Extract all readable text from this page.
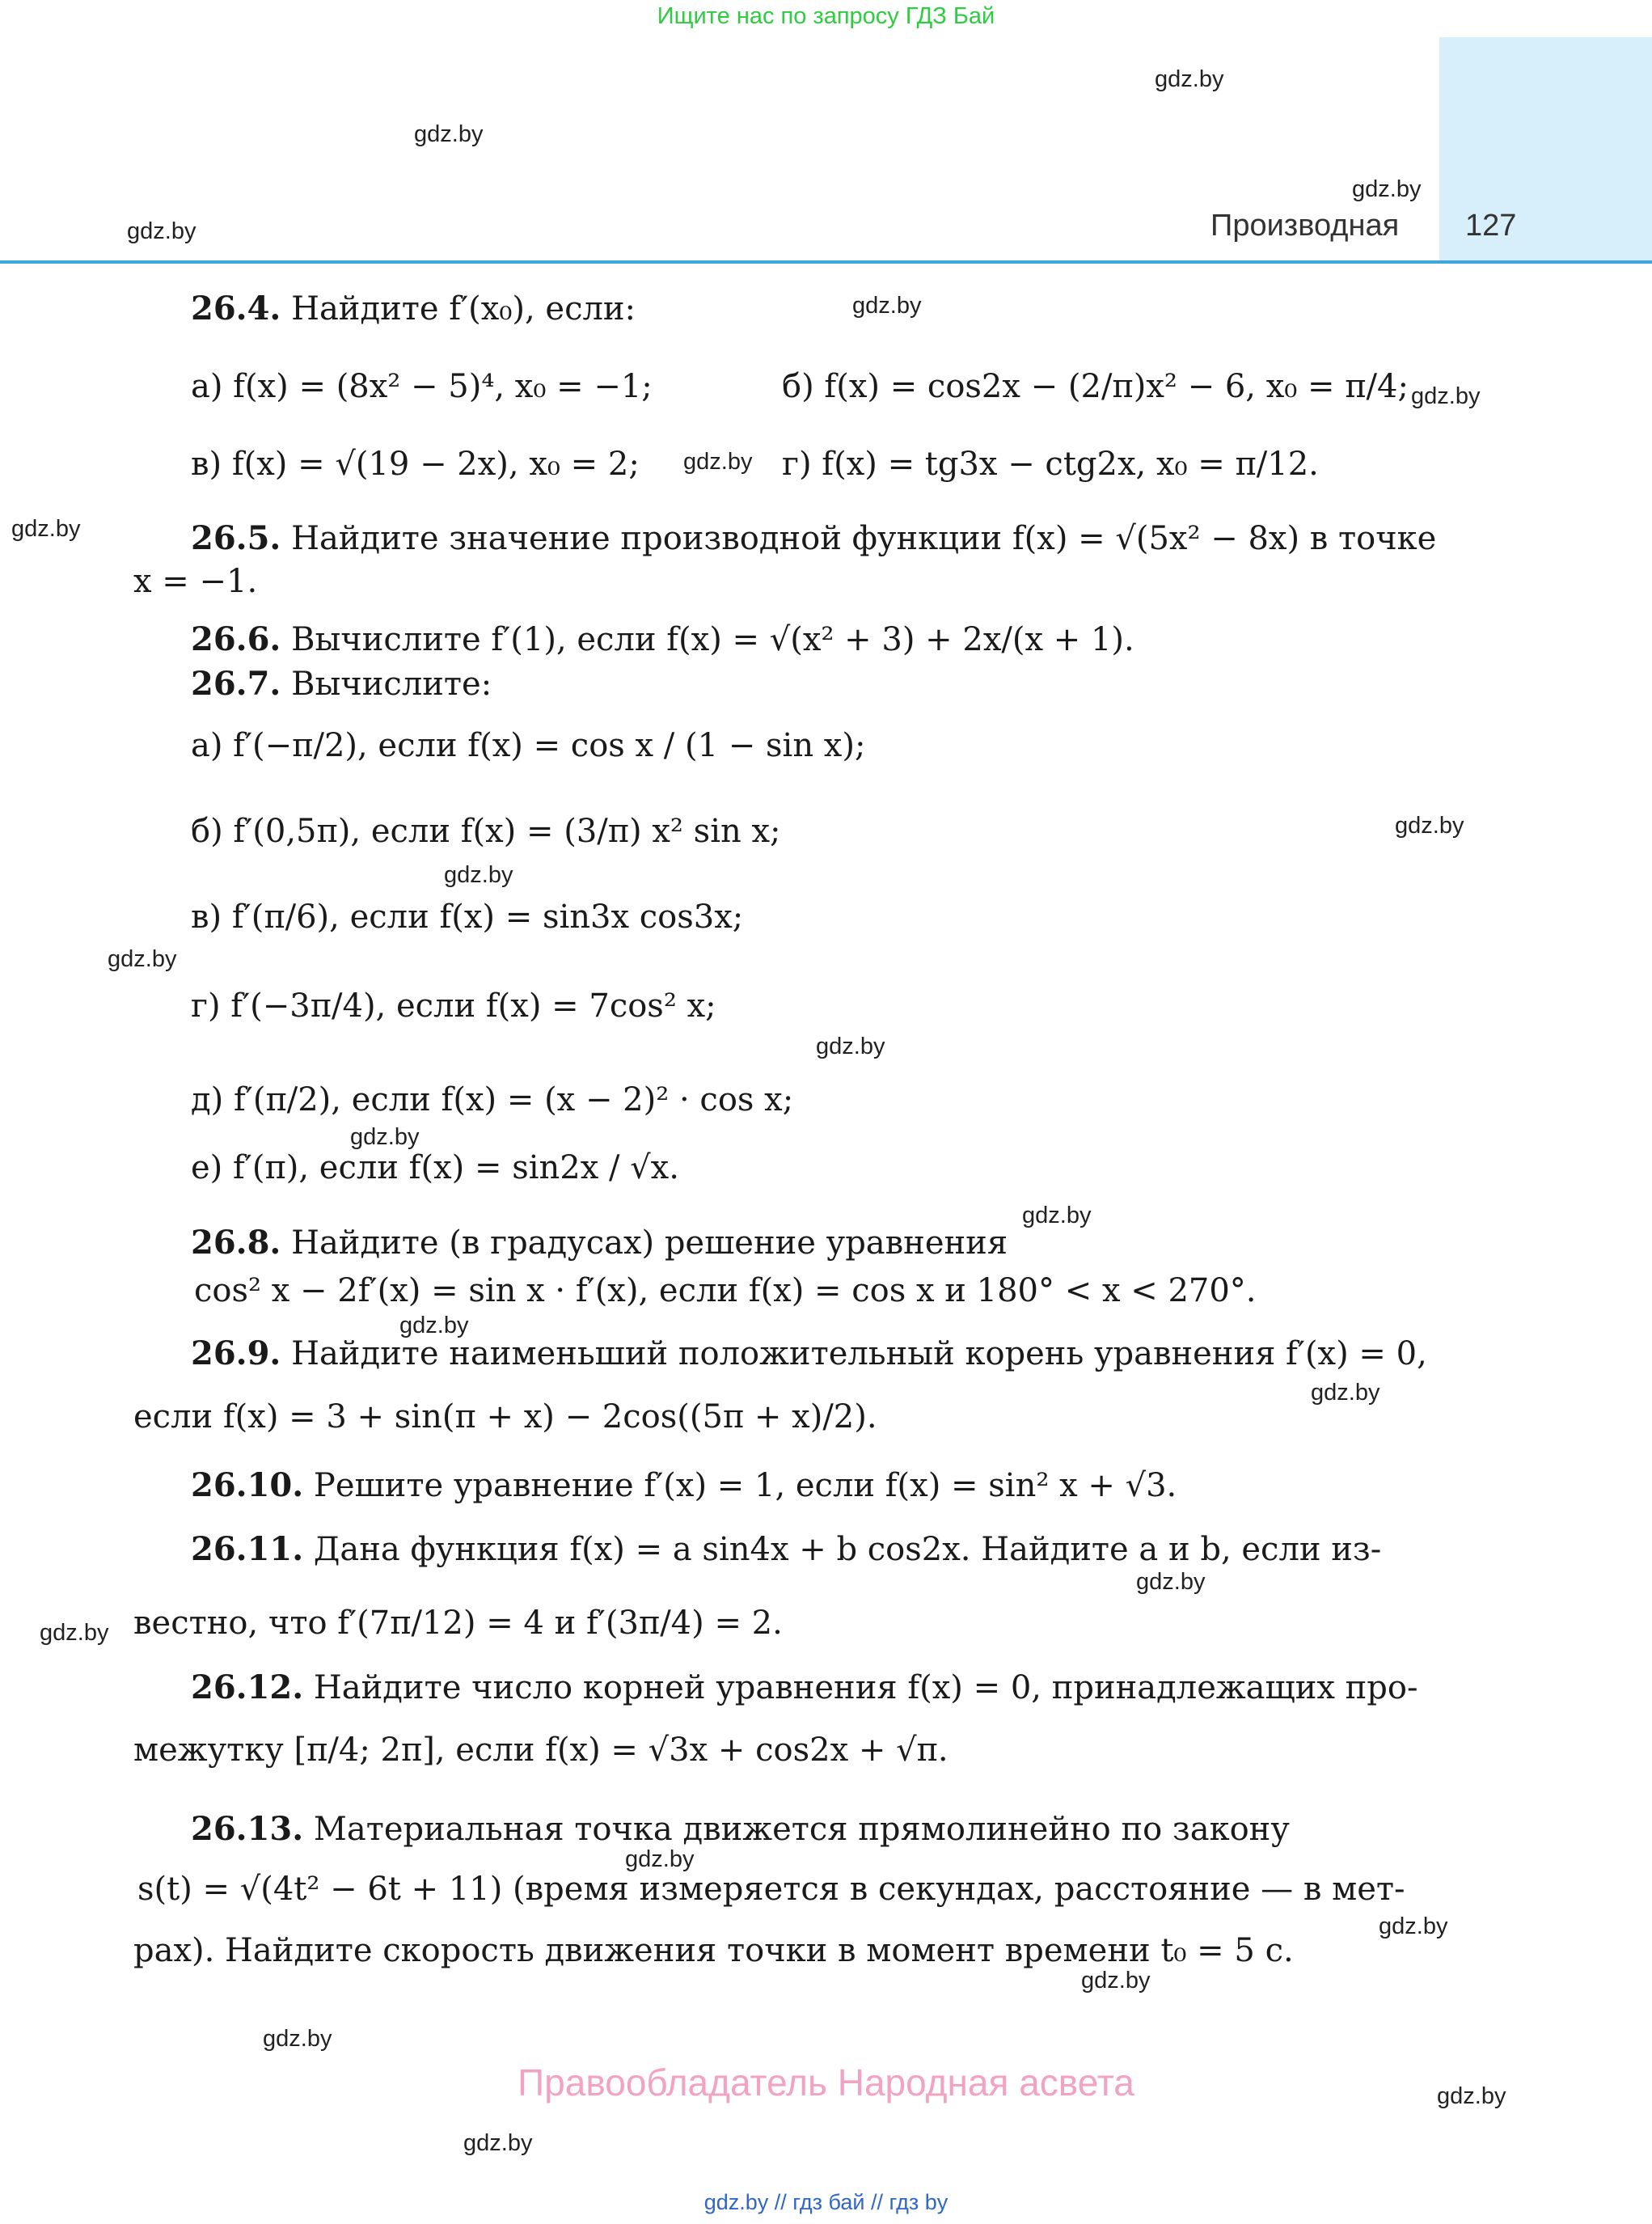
Ищите нас по запросу ГДЗ Бай
Производная 127
gdz.by
gdz.by
gdz.by
gdz.by
gdz.by
gdz.by
gdz.by
gdz.by
gdz.by
gdz.by
gdz.by
gdz.by
gdz.by
gdz.by
gdz.by
gdz.by
gdz.by
gdz.by
gdz.by
gdz.by
gdz.by
gdz.by
gdz.by
gdz.by
26.4. Найдите f′(x₀), если:
а) f(x) = (8x² − 5)⁴, x₀ = −1;	б) f(x) = cos2x − (2/π)x² − 6, x₀ = π/4;
в) f(x) = √(19 − 2x), x₀ = 2;	г) f(x) = tg3x − ctg2x, x₀ = π/12.
26.5. Найдите значение производной функции f(x) = √(5x² − 8x) в точке
x = −1.
26.6. Вычислите f′(1), если f(x) = √(x² + 3) + 2x/(x + 1).
26.7. Вычислите:
а) f′(−π/2), если f(x) = cos x / (1 − sin x);
б) f′(0,5π), если f(x) = (3/π) x² sin x;
в) f′(π/6), если f(x) = sin3x cos3x;
г) f′(−3π/4), если f(x) = 7cos² x;
д) f′(π/2), если f(x) = (x − 2)² · cos x;
е) f′(π), если f(x) = sin2x / √x.
26.8. Найдите (в градусах) решение уравнения
cos² x − 2f′(x) = sin x · f′(x), если f(x) = cos x и 180° < x < 270°.
26.9. Найдите наименьший положительный корень уравнения f′(x) = 0,
если f(x) = 3 + sin(π + x) − 2cos((5π + x)/2).
26.10. Решите уравнение f′(x) = 1, если f(x) = sin² x + √3.
26.11. Дана функция f(x) = a sin4x + b cos2x. Найдите a и b, если из-
вестно, что f′(7π/12) = 4 и f′(3π/4) = 2.
26.12. Найдите число корней уравнения f(x) = 0, принадлежащих про-
межутку [π/4; 2π], если f(x) = √3x + cos2x + √π.
26.13. Материальная точка движется прямолинейно по закону
s(t) = √(4t² − 6t + 11) (время измеряется в секундах, расстояние — в мет-
рах). Найдите скорость движения точки в момент времени t₀ = 5 с.
Правообладатель Народная асвета
gdz.by // гдз бай // гдз by
